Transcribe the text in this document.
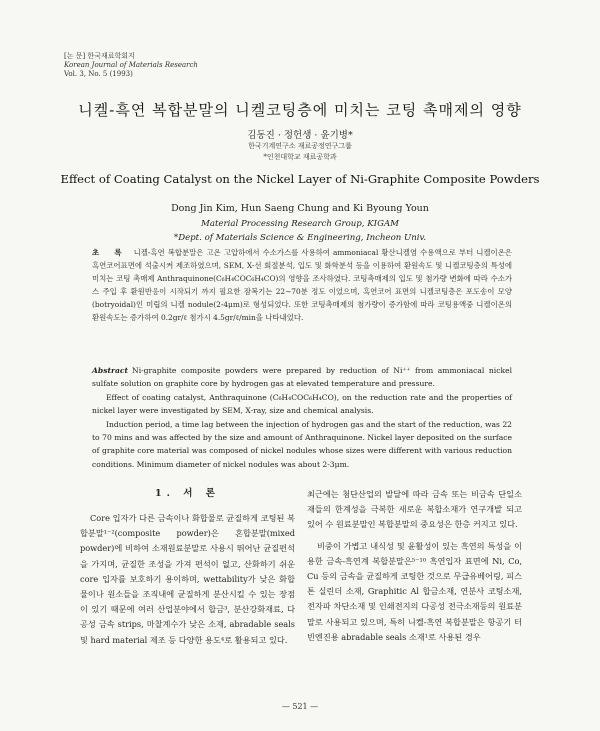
[논 문] 한국재료학회지
Korean Journal of Materials Research
Vol. 3, No. 5 (1993)
니켈-흑연 복합분말의 니켈코팅층에 미치는 코팅 촉매제의 영향
김동진 · 정헌생 · 윤기병*
한국기계연구소 재료공정연구그룹
*인천대학교 재료공학과
Effect of Coating Catalyst on the Nickel Layer of Ni-Graphite Composite Powders
Dong Jin Kim, Hun Saeng Chung and Ki Byoung Youn
Material Processing Research Group, KIGAM
*Dept. of Materials Science & Engineering, Incheon Univ.
초 록 니켈-흑연 복합분말은 고온 고압하에서 수소가스를 사용하여 ammoniacal 황산니켈염 수용액으로 부터 니켈이온은 흑연코어표면에 석출시켜 제조하였으며, SEM, X-선 회절분석, 입도 및 화학분석 등을 이용하여 환원속도 및 니켈코팅층의 특성에 미치는 코팅 촉매제 Anthraquinone(C₆H₄COC₆H₄CO)의 영향을 조사하였다. 코팅촉매제의 입도 및 첨가량 변화에 따라 수소가스 주입 후 환원반응이 시작되기 까지 필요한 잠복기는 22∼70분 정도 이었으며, 흑연코어 표면의 니켈코팅층은 포도송이 모양(botryoidal)인 미립의 니켈 nodule(2-4μm)로 형성되었다. 또한 코팅촉매제의 첨가량이 증가함에 따라 코팅용액중 니켈이온의 환원속도는 증가하여 0.2gr/ℓ 첨가시 4.5gr/ℓ/min을 나타내었다.

Abstract Ni-graphite composite powders were prepared by reduction of Ni⁺⁺ from ammoniacal nickel sulfate solution on graphite core by hydrogen gas at elevated temperature and pressure.

Effect of coating catalyst, Anthraquinone (C₆H₄COC₆H₄CO), on the reduction rate and the properties of nickel layer were investigated by SEM, X-ray, size and chemical analysis.

Induction period, a time lag between the injection of hydrogen gas and the start of the reduction, was 22 to 70 mins and was affected by the size and amount of Anthraquinone. Nickel layer deposited on the surface of graphite core material was composed of nickel nodules whose sizes were different with various reduction conditions. Minimum diameter of nickel nodules was about 2-3μm.

1. 서 론

Core 입자가 다른 금속이나 화합물로 균질하게 코팅된 복합분말¹⁻²(composite powder)은 혼합분말(mixed powder)에 비하여 소재원료분말로 사용시 뛰어난 균질편석을 가지며, 균질한 조성을 가져 편석이 없고, 산화하기 쉬운 core 입자를 보호하기 용이하며, wettability가 낮은 화합물이나 원소들을 조직내에 균질하게 분산시킬 수 있는 장점이 있기 때문에 여러 산업분야에서 합금³, 분산강화재료, 다공성 금속 strips, 마찰계수가 낮은 소재, abradable seals 및 hard material 제조 등 다양한 용도⁴로 활용되고 있다.

최근에는 첨단산업의 발달에 따라 금속 또는 비금속 단일소재들의 한계성을 극복한 새로운 복합소재가 연구개발 되고 있어 수 원료분말인 복합분말의 중요성은 한층 커지고 있다.

비중이 가볍고 내식성 및 윤활성이 있는 흑연의 특성을 이용한 금속-흑연계 복합분말은⁵⁻¹⁰ 흑연입자 표면에 Ni, Co, Cu 등의 금속을 균질하게 코팅한 것으로 무급유베어링, 피스톤 실린더 소재, Graphitic Al 합금소재, 연분사 코팅소재, 전자파 차단소재 및 인쇄전지의 다공성 전극소재등의 원료분말로 사용되고 있으며, 특히 니켈-흑연 복합분말은 항공기 터빈엔진용 abradable seals 소재¹로 사용된 경우

— 521 —
